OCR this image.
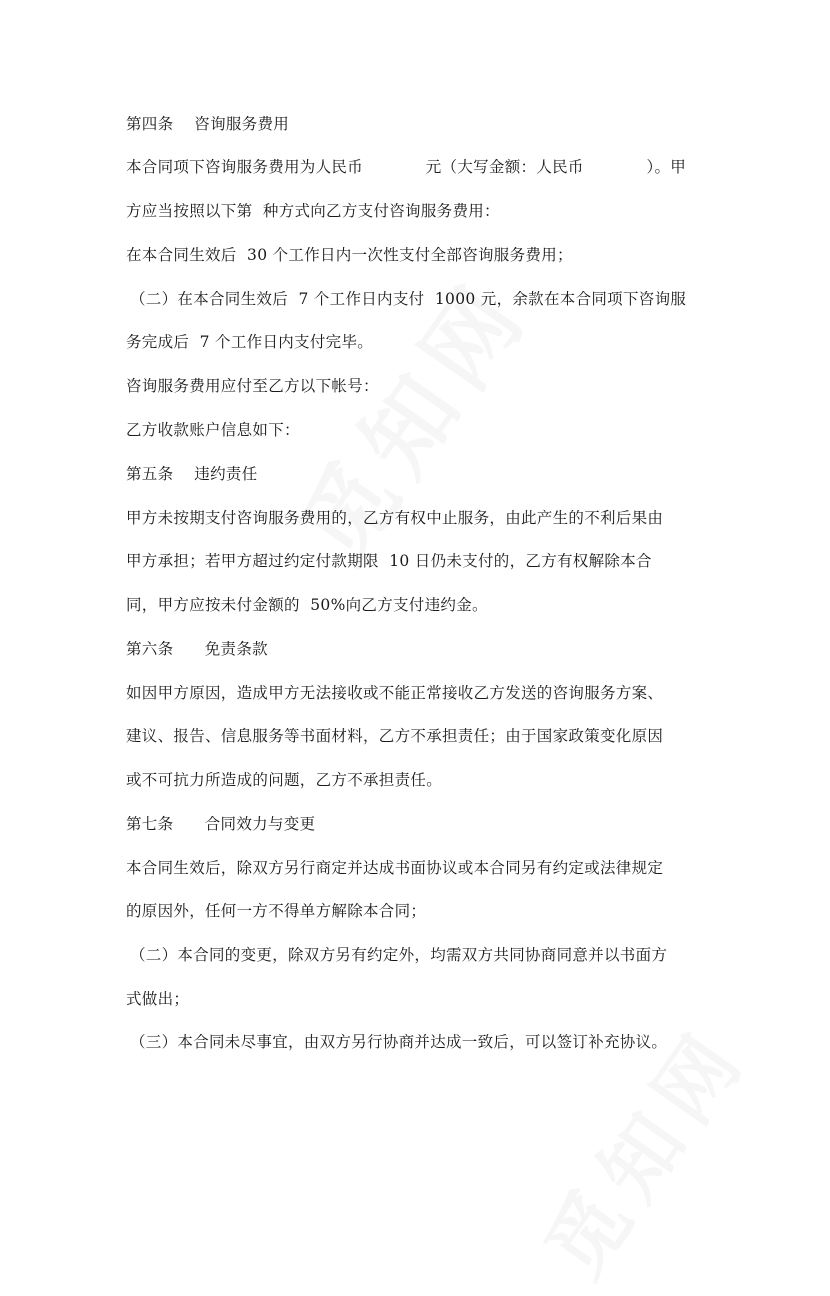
第四条    咨询服务费用
本合同项下咨询服务费用为人民币            元（大写金额：人民币            ）。甲
方应当按照以下第  种方式向乙方支付咨询服务费用：
在本合同生效后  30 个工作日内一次性支付全部咨询服务费用；
（二）在本合同生效后  7 个工作日内支付  1000 元，余款在本合同项下咨询服
务完成后  7 个工作日内支付完毕。
咨询服务费用应付至乙方以下帐号：
乙方收款账户信息如下：
第五条    违约责任
甲方未按期支付咨询服务费用的，乙方有权中止服务，由此产生的不利后果由
甲方承担；若甲方超过约定付款期限  10 日仍未支付的，乙方有权解除本合
同，甲方应按未付金额的  50%向乙方支付违约金。
第六条      免责条款
如因甲方原因，造成甲方无法接收或不能正常接收乙方发送的咨询服务方案、
建议、报告、信息服务等书面材料，乙方不承担责任；由于国家政策变化原因
或不可抗力所造成的问题，乙方不承担责任。
第七条      合同效力与变更
本合同生效后，除双方另行商定并达成书面协议或本合同另有约定或法律规定
的原因外，任何一方不得单方解除本合同；
（二）本合同的变更，除双方另有约定外，均需双方共同协商同意并以书面方
式做出；
（三）本合同未尽事宜，由双方另行协商并达成一致后，可以签订补充协议。
